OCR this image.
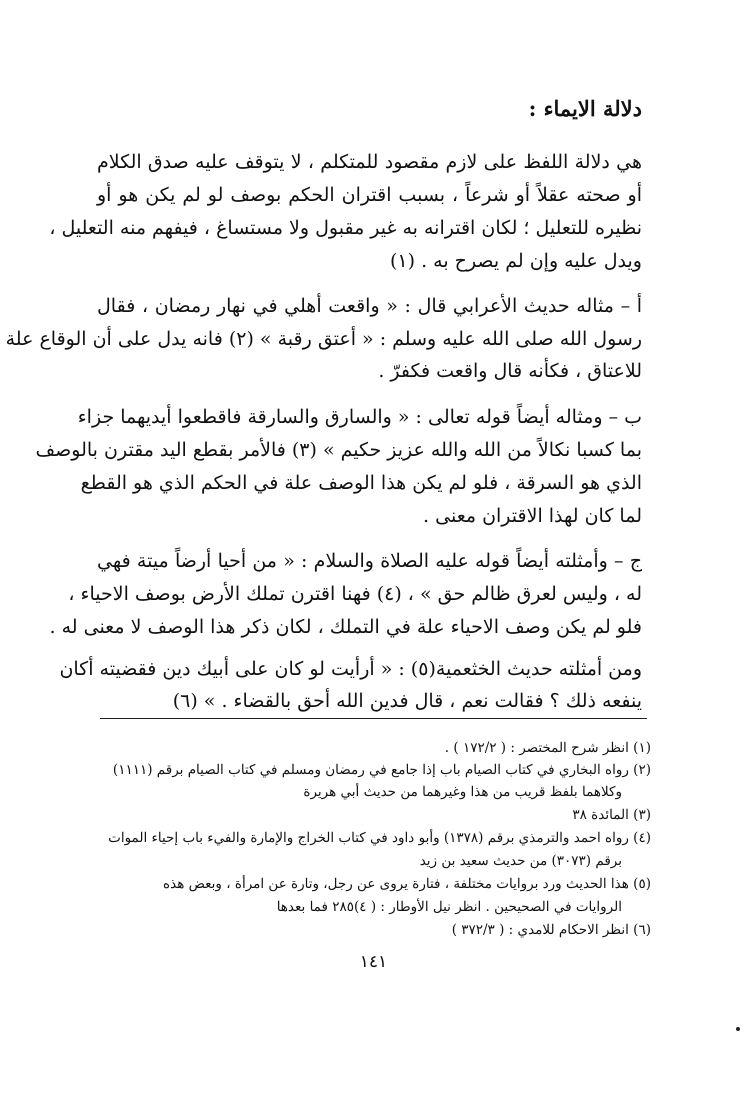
دلالة الايماء :
هي دلالة اللفظ على لازم مقصود للمتكلم ، لا يتوقف عليه صدق الكلام
أو صحته عقلاً أو شرعاً ، بسبب اقتران الحكم بوصف لو لم يكن هو أو
نظيره للتعليل ؛ لكان اقترانه به غير مقبول ولا مستساغ ، فيفهم منه التعليل ،
ويدل عليه وإن لم يصرح به . (١)
أ – مثاله حديث الأعرابي قال : « واقعت أهلي في نهار رمضان ، فقال
رسول الله صلى الله عليه وسلم : « أعتق رقبة » (٢) فانه يدل على أن الوقاع علة
للاعتاق ، فكأنه قال واقعت فكفرّ .
ب – ومثاله أيضاً قوله تعالى : « والسارق والسارقة فاقطعوا أيديهما جزاء
بما كسبا نكالاً من الله والله عزيز حكيم » (٣) فالأمر بقطع اليد مقترن بالوصف
الذي هو السرقة ، فلو لم يكن هذا الوصف علة في الحكم الذي هو القطع
لما كان لهذا الاقتران معنى .
ج – وأمثلته أيضاً قوله عليه الصلاة والسلام : « من أحيا أرضاً ميتة فهي
له ، وليس لعرق ظالم حق » ، (٤) فهنا اقترن تملك الأرض بوصف الاحياء ،
فلو لم يكن وصف الاحياء علة في التملك ، لكان ذكر هذا الوصف لا معنى له .
ومن أمثلته حديث الخثعمية(٥) : « أرأيت لو كان على أبيك دين فقضيته أكان
ينفعه ذلك ؟ فقالت نعم ، قال فدين الله أحق بالقضاء . » (٦)
(١) انظر شرح المختصر : ( ١٧٢/٢ ) .
(٢) رواه البخاري في كتاب الصيام باب إذا جامع في رمضان ومسلم في كتاب الصيام برقم (١١١١)
وكلاهما بلفظ قريب من هذا وغيرهما من حديث أبي هريرة
(٣) المائدة ٣٨
(٤) رواه احمد والترمذي برقم (١٣٧٨) وأبو داود في كتاب الخراج والإمارة والفيء باب إحياء الموات
برقم (٣٠٧٣) من حديث سعيد بن زيد
(٥) هذا الحديث ورد بروايات مختلفة ، فتارة يروى عن رجل، وتارة عن امرأة ، وبعض هذه
الروايات في الصحيحين . انظر نيل الأوطار : ( ٤)٢٨٥ فما بعدها
(٦) انظر الاحكام للامدي : ( ٣٧٢/٣ )
١٤١
